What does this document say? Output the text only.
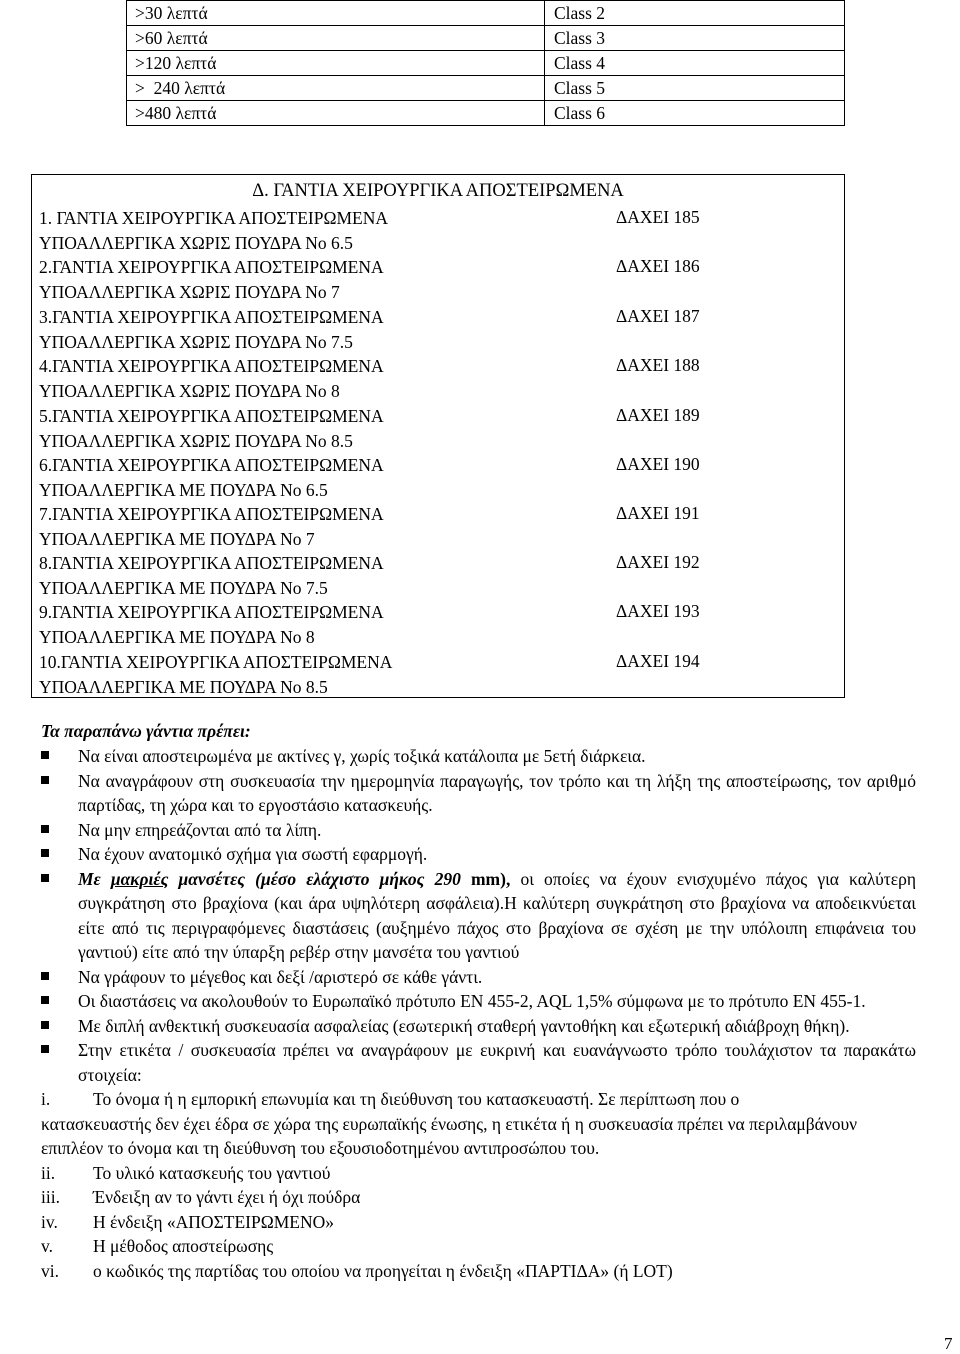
>30 λεπτά	Class 2
>60 λεπτά	Class 3
>120 λεπτά	Class 4
>  240 λεπτά	Class 5
>480 λεπτά	Class 6
Δ. ΓΑΝΤΙΑ ΧΕΙΡΟΥΡΓΙΚΑ ΑΠΟΣΤΕΙΡΩΜΕΝΑ
1. ΓΑΝΤΙΑ ΧΕΙΡΟΥΡΓΙΚΑ ΑΠΟΣΤΕΙΡΩΜΕΝΑ
ΥΠΟΑΛΛΕΡΓΙΚΑ ΧΩΡΙΣ ΠΟΥΔΡΑ Νο 6.5
ΔΑΧΕΙ 185
2.ΓΑΝΤΙΑ ΧΕΙΡΟΥΡΓΙΚΑ ΑΠΟΣΤΕΙΡΩΜΕΝΑ
ΥΠΟΑΛΛΕΡΓΙΚΑ ΧΩΡΙΣ ΠΟΥΔΡΑ Νο 7
ΔΑΧΕΙ 186
3.ΓΑΝΤΙΑ ΧΕΙΡΟΥΡΓΙΚΑ ΑΠΟΣΤΕΙΡΩΜΕΝΑ
ΥΠΟΑΛΛΕΡΓΙΚΑ ΧΩΡΙΣ ΠΟΥΔΡΑ Νο 7.5
ΔΑΧΕΙ 187
4.ΓΑΝΤΙΑ ΧΕΙΡΟΥΡΓΙΚΑ ΑΠΟΣΤΕΙΡΩΜΕΝΑ
ΥΠΟΑΛΛΕΡΓΙΚΑ ΧΩΡΙΣ ΠΟΥΔΡΑ Νο 8
ΔΑΧΕΙ 188
5.ΓΑΝΤΙΑ ΧΕΙΡΟΥΡΓΙΚΑ ΑΠΟΣΤΕΙΡΩΜΕΝΑ
ΥΠΟΑΛΛΕΡΓΙΚΑ ΧΩΡΙΣ ΠΟΥΔΡΑ Νο 8.5
ΔΑΧΕΙ 189
6.ΓΑΝΤΙΑ ΧΕΙΡΟΥΡΓΙΚΑ ΑΠΟΣΤΕΙΡΩΜΕΝΑ
ΥΠΟΑΛΛΕΡΓΙΚΑ ΜΕ ΠΟΥΔΡΑ Νο 6.5
ΔΑΧΕΙ 190
7.ΓΑΝΤΙΑ ΧΕΙΡΟΥΡΓΙΚΑ ΑΠΟΣΤΕΙΡΩΜΕΝΑ
ΥΠΟΑΛΛΕΡΓΙΚΑ ΜΕ ΠΟΥΔΡΑ Νο 7
ΔΑΧΕΙ 191
8.ΓΑΝΤΙΑ ΧΕΙΡΟΥΡΓΙΚΑ ΑΠΟΣΤΕΙΡΩΜΕΝΑ
ΥΠΟΑΛΛΕΡΓΙΚΑ ΜΕ ΠΟΥΔΡΑ Νο 7.5
ΔΑΧΕΙ 192
9.ΓΑΝΤΙΑ ΧΕΙΡΟΥΡΓΙΚΑ ΑΠΟΣΤΕΙΡΩΜΕΝΑ
ΥΠΟΑΛΛΕΡΓΙΚΑ ΜΕ ΠΟΥΔΡΑ Νο 8
ΔΑΧΕΙ 193
10.ΓΑΝΤΙΑ ΧΕΙΡΟΥΡΓΙΚΑ ΑΠΟΣΤΕΙΡΩΜΕΝΑ
ΥΠΟΑΛΛΕΡΓΙΚΑ ΜΕ ΠΟΥΔΡΑ Νο 8.5
ΔΑΧΕΙ 194

Τα παραπάνω γάντια πρέπει:

Να είναι αποστειρωμένα με ακτίνες γ, χωρίς τοξικά κατάλοιπα με 5ετή διάρκεια.

Να αναγράφουν στη συσκευασία την ημερομηνία παραγωγής, τον τρόπο και τη λήξη της αποστείρωσης, τον αριθμό παρτίδας, τη χώρα και το εργοστάσιο κατασκευής.

Να μην επηρεάζονται από τα λίπη.

Να έχουν ανατομικό σχήμα για σωστή εφαρμογή.

Με μακριές μανσέτες (μέσο ελάχιστο μήκος 290 mm), οι οποίες να έχουν ενισχυμένο πάχος για καλύτερη συγκράτηση στο βραχίονα (και άρα υψηλότερη ασφάλεια).Η καλύτερη συγκράτηση στο βραχίονα να αποδεικνύεται είτε από τις περιγραφόμενες διαστάσεις (αυξημένο πάχος στο βραχίονα σε σχέση με την υπόλοιπη επιφάνεια του γαντιού) είτε από την ύπαρξη ρεβέρ στην μανσέτα του γαντιού

Να γράφουν το μέγεθος και δεξί /αριστερό σε κάθε γάντι.

Οι διαστάσεις να ακολουθούν το Ευρωπαϊκό πρότυπο EN 455-2, AQL 1,5% σύμφωνα με το πρότυπο EN 455-1.

Με διπλή ανθεκτική συσκευασία ασφαλείας (εσωτερική σταθερή γαντοθήκη και εξωτερική αδιάβροχη θήκη).

Στην ετικέτα / συσκευασία πρέπει να αναγράφουν με ευκρινή και ευανάγνωστο τρόπο τουλάχιστον τα παρακάτω στοιχεία:

i. Το όνομα ή η εμπορική επωνυμία και τη διεύθυνση του κατασκευαστή. Σε περίπτωση που ο

κατασκευαστής δεν έχει έδρα σε χώρα της ευρωπαϊκής ένωσης, η ετικέτα ή η συσκευασία πρέπει να περιλαμβάνουν επιπλέον το όνομα και τη διεύθυνση του εξουσιοδοτημένου αντιπροσώπου του.

ii. Το υλικό κατασκευής του γαντιού

iii. Ένδειξη αν το γάντι έχει ή όχι πούδρα

iv. Η ένδειξη «ΑΠΟΣΤΕΙΡΩΜΕΝΟ»

v. Η μέθοδος αποστείρωσης

vi. ο κωδικός της παρτίδας του οποίου να προηγείται η ένδειξη «ΠΑΡΤΙΔΑ» (ή LOT)

7
